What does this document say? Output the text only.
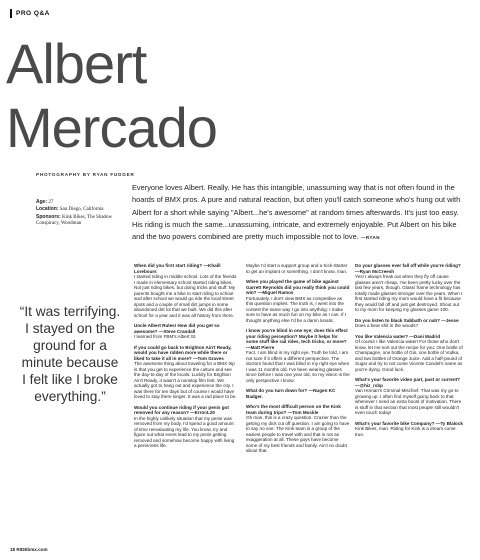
PRO Q&A
Albert
Mercado
PHOTOGRAPHY BY RYAN FUDGER
Everyone loves Albert. Really. He has this intangible, unassuming way that is not often found in the hoards of BMX pros. A pure and natural reaction, but often you'll catch someone who's hung out with Albert for a short while saying "Albert...he's awesome" at random times afterwards. It's just too easy. His riding is much the same...unassuming, intricate, and extremely enjoyable. Put Albert on his bike and the two powers combined are pretty much impossible not to love. —RYAN
Age: 27
Location: San Diego, California
Sponsors: Kink Bikes, The Shadow Conspiracy, Woodman
“It was terrifying. I stayed on the ground for a minute because I felt like I broke everything.”
When did you first start riding? —Khalil Lorebours
I started riding in middle school. Lots of the friends I made in elementary school started riding bikes. Not just riding bikes, but doing tricks and stuff. My parents bought me a bike to start riding to school and after school we would go ride the local street spots and a couple of small dirt jumps in some abandoned dirt lot that we built. We did this after school for a year and it was all history from there.
Uncle Albert Rules! How did you get so awesome? —Steve Crandall
I learned from FBM's Albert St.
If you could go back to Brighton Ain't Ready, would you have ridden more while there or liked to take it all in more? —Tom Graves
The awesome thing about traveling for a BMX trip is that you get to experience the culture and see the day-to-day of the locals. Luckily for Brighton Ain't Ready, it wasn't a nonstop film fest. We actually got to hang out and experience the city. I was there for ten days but of course I would have loved to stay there longer. It was a rad place to be.
Would you continue riding if your penis got removed for any reason? —Error4.20
In the highly unlikely situation that my penis was removed from my body, I'd spend a good amount of time reevaluating my life. You know, try and figure out what event lead to my penis getting removed and somehow become happy with living a penis-less life.
Maybe I'd start a support group and a Kick-Starter to get an implant or something. I don't know, man.
When you played the game of bike against Garrett Reynolds did you really think you could win? —Miguel Ramos
Fortunately, I don't view BMX as competitive as this question implies. The truth is, I went into the contest the same way I go into anything: I make sure to have as much fun on my bike as I can. If I thought anything else I'd be a damn lunatic.
I know you're blind in one eye; does this effect your riding perception? Maybe it helps for some stuff like rail rides, tech tricks, or more? —Matt Pierre
Fact. I am blind in my right eye. Truth be told, I am not sure if it offers a different perspective. The doctors found that I was blind in my right eye when I was 11 months old. I've been wearing glasses since before I was one year old, so my vision is the only perspective I know.
What do you turn down for? —Nugen KC Badger.
Who's the most difficult person on the Kink team during trips? —Tom Mockle
Oh man, this is a crazy question. Crazier than the getting my dick cut off question. I am going to have to say no one. The Kink team is a group of the easiest people to travel with and that is not an exaggeration at all. These guys have become some of my best friends and family. Ain't no doubt about that.
Do your glasses ever fall off while you're riding? —Ryan McCreesh
Yes! I always freak out when they fly off cause glasses aren't cheap. I've been pretty lucky over the last few years, though. Glass/ frame technology has totally made glasses stronger over the years. When I first started riding my mom would have a fit because they would fall off and just get destroyed. Shout out to my mom for keeping my glasses game 100.
Do you listen to black Sabbath or nah? —Jesse
Does a bear shit in the woods?
You like Valencia water? —Dani Madrid
Of course I like Valencia water! For those who don't know, let me sort out the recipe for you: One bottle of Champagne, one bottle of Gin, one bottle of Vodka, and two bottles of Orange Juice. Add a half-pound of Sugar and try to not curse Vicente Candel's name as you're dying. Good luck.
What's your favorite video part, past or current? —@hiz_rsbp
Van Homan's Criminal Mischief. That was my go-to growing up. I often find myself going back to that whenever I need an extra boost of motivation. There is stuff in that section that most people still wouldn't even touch today!
What's your favorite bike Company? —Ty Blalock
Kink Bikes, man. Riding for Kink is a dream come true.
18 RIDEbmx.com
